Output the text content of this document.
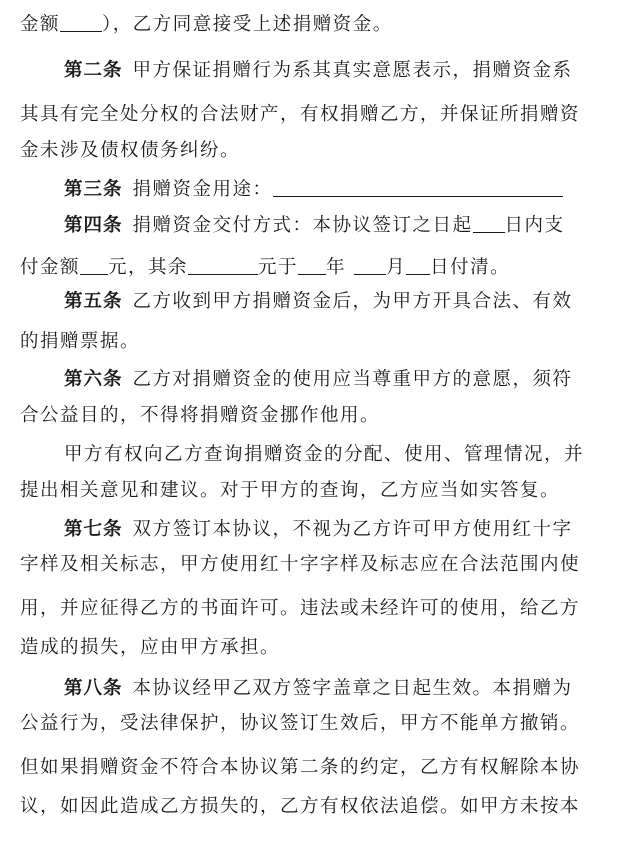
金额 ），乙方同意接受上述捐赠资金。
第二条 甲方保证捐赠行为系其真实意愿表示，捐赠资金系
其具有完全处分权的合法财产，有权捐赠乙方，并保证所捐赠资
金未涉及债权债务纠纷。
第三条 捐赠资金用途：
第四条 捐赠资金交付方式：本协议签订之日起 日内支
付金额 元，其余	元于 年 月 日付清。
第五条 乙方收到甲方捐赠资金后，为甲方开具合法、有效
的捐赠票据。
第六条 乙方对捐赠资金的使用应当尊重甲方的意愿，须符
合公益目的，不得将捐赠资金挪作他用。
甲方有权向乙方查询捐赠资金的分配、使用、管理情况，并
提出相关意见和建议。对于甲方的查询，乙方应当如实答复。
第七条 双方签订本协议，不视为乙方许可甲方使用红十字
字样及相关标志，甲方使用红十字字样及标志应在合法范围内使
用，并应征得乙方的书面许可。违法或未经许可的使用，给乙方
造成的损失，应由甲方承担。
第八条 本协议经甲乙双方签字盖章之日起生效。本捐赠为
公益行为，受法律保护，协议签订生效后，甲方不能单方撤销。
但如果捐赠资金不符合本协议第二条的约定，乙方有权解除本协
议，如因此造成乙方损失的，乙方有权依法追偿。如甲方未按本
